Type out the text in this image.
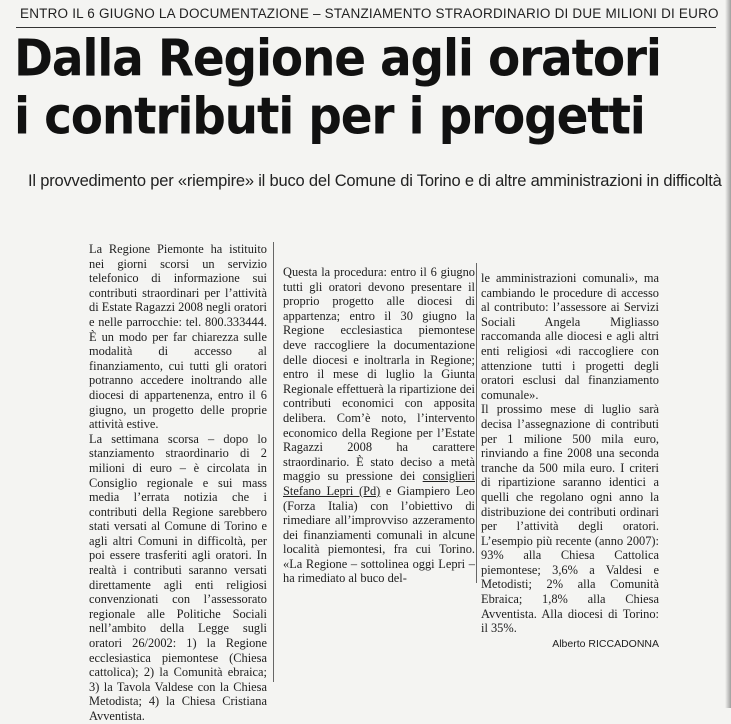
ENTRO IL 6 GIUGNO LA DOCUMENTAZIONE – STANZIAMENTO STRAORDINARIO DI DUE MILIONI DI EURO
Dalla Regione agli oratori
i contributi per i progetti
Il provvedimento per «riempire» il buco del Comune di Torino e di altre amministrazioni in difficoltà

La Regione Piemonte ha istituito nei giorni scorsi un servizio telefonico di informazione sui contributi straordinari per l’attività di Estate Ragazzi 2008 negli oratori e nelle parrocchie: tel. 800.333444. È un modo per far chiarezza sulle modalità di accesso al finanziamento, cui tutti gli oratori potranno accedere inoltrando alle diocesi di appartenenza, entro il 6 giugno, un progetto delle proprie attività estive.

La settimana scorsa – dopo lo stanziamento straordinario di 2 milioni di euro – è circolata in Consiglio regionale e sui mass media l’errata notizia che i contributi della Regione sarebbero stati versati al Comune di Torino e agli altri Comuni in difficoltà, per poi essere trasferiti agli oratori. In realtà i contributi saranno versati direttamente agli enti religiosi convenzionati con l’assessorato regionale alle Politiche Sociali nell’ambito della Legge sugli oratori 26/2002: 1) la Regione ecclesiastica piemontese (Chiesa cattolica); 2) la Comunità ebraica; 3) la Tavola Valdese con la Chiesa Metodista; 4) la Chiesa Cristiana Avventista.

Questa la procedura: entro il 6 giugno tutti gli oratori devono presentare il proprio progetto alle diocesi di appartenza; entro il 30 giugno la Regione ecclesiastica piemontese deve raccogliere la documentazione delle diocesi e inoltrarla in Regione; entro il mese di luglio la Giunta Regionale effettuerà la ripartizione dei contributi economici con apposita delibera. Com’è noto, l’intervento economico della Regione per l’Estate Ragazzi 2008 ha carattere straordinario. È stato deciso a metà maggio su pressione dei consiglieri Stefano Lepri (Pd) e Giampiero Leo (Forza Italia) con l’obiettivo di rimediare all’improvviso azzeramento dei finanziamenti comunali in alcune località piemontesi, fra cui Torino. «La Regione – sottolinea oggi Lepri – ha rimediato al buco del-

le amministrazioni comunali», ma cambiando le procedure di accesso al contributo: l’assessore ai Servizi Sociali Angela Migliasso raccomanda alle diocesi e agli altri enti religiosi «di raccogliere con attenzione tutti i progetti degli oratori esclusi dal finanziamento comunale».

Il prossimo mese di luglio sarà decisa l’assegnazione di contributi per 1 milione 500 mila euro, rinviando a fine 2008 una seconda tranche da 500 mila euro. I criteri di ripartizione saranno identici a quelli che regolano ogni anno la distribuzione dei contributi ordinari per l’attività degli oratori. L’esempio più recente (anno 2007): 93% alla Chiesa Cattolica piemontese; 3,6% a Valdesi e Metodisti; 2% alla Comunità Ebraica; 1,8% alla Chiesa Avventista. Alla diocesi di Torino: il 35%.

Alberto RICCADONNA
